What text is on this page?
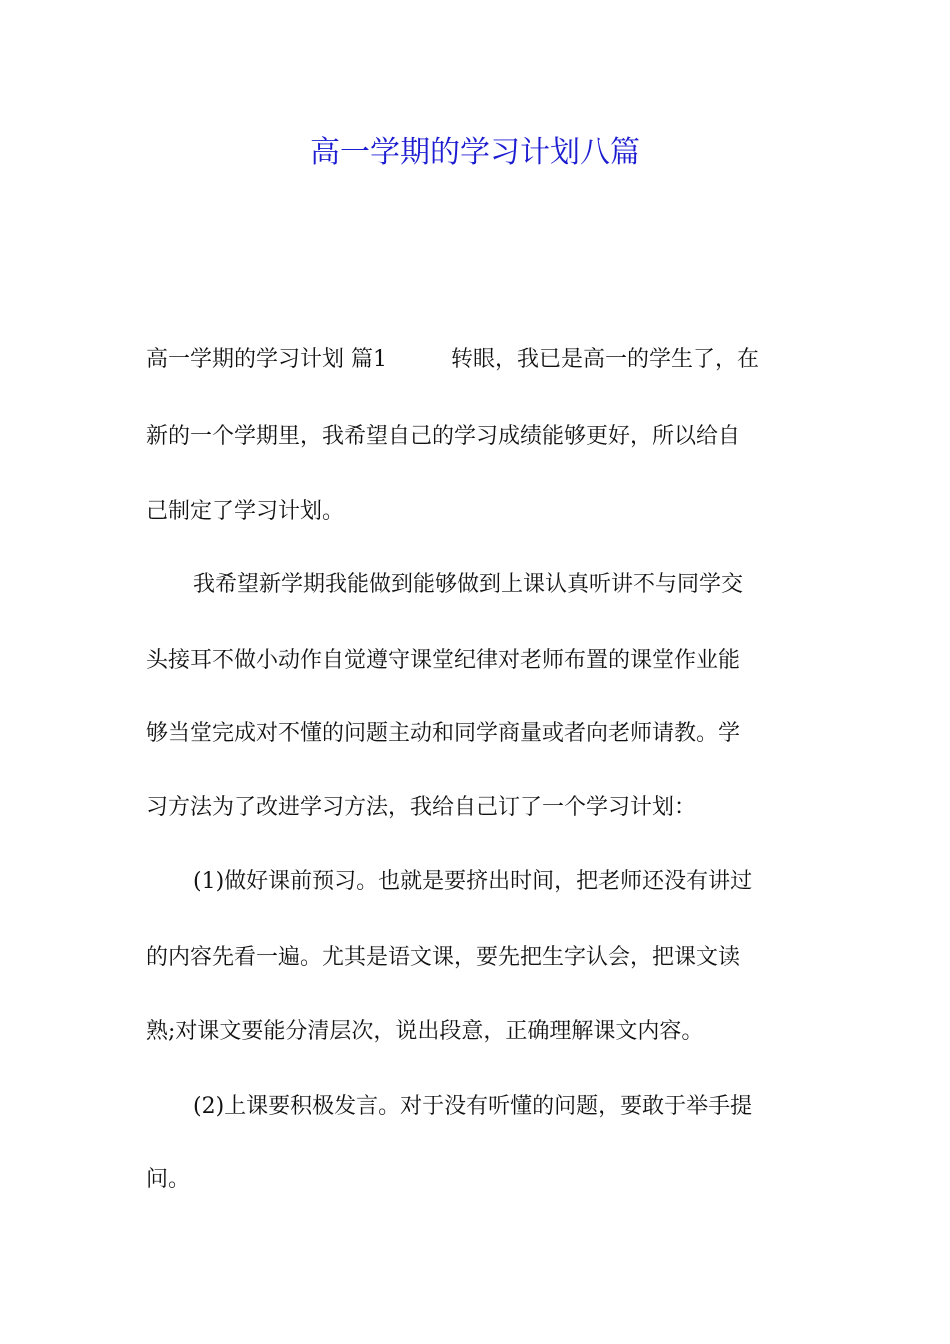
高一学期的学习计划八篇
高一学期的学习计划 篇1	转眼，我已是高一的学生了，在
新的一个学期里，我希望自己的学习成绩能够更好，所以给自
己制定了学习计划。
我希望新学期我能做到能够做到上课认真听讲不与同学交
头接耳不做小动作自觉遵守课堂纪律对老师布置的课堂作业能
够当堂完成对不懂的问题主动和同学商量或者向老师请教。学
习方法为了改进学习方法，我给自己订了一个学习计划：
(1)做好课前预习。也就是要挤出时间，把老师还没有讲过
的内容先看一遍。尤其是语文课，要先把生字认会，把课文读
熟;对课文要能分清层次，说出段意，正确理解课文内容。
(2)上课要积极发言。对于没有听懂的问题，要敢于举手提
问。
